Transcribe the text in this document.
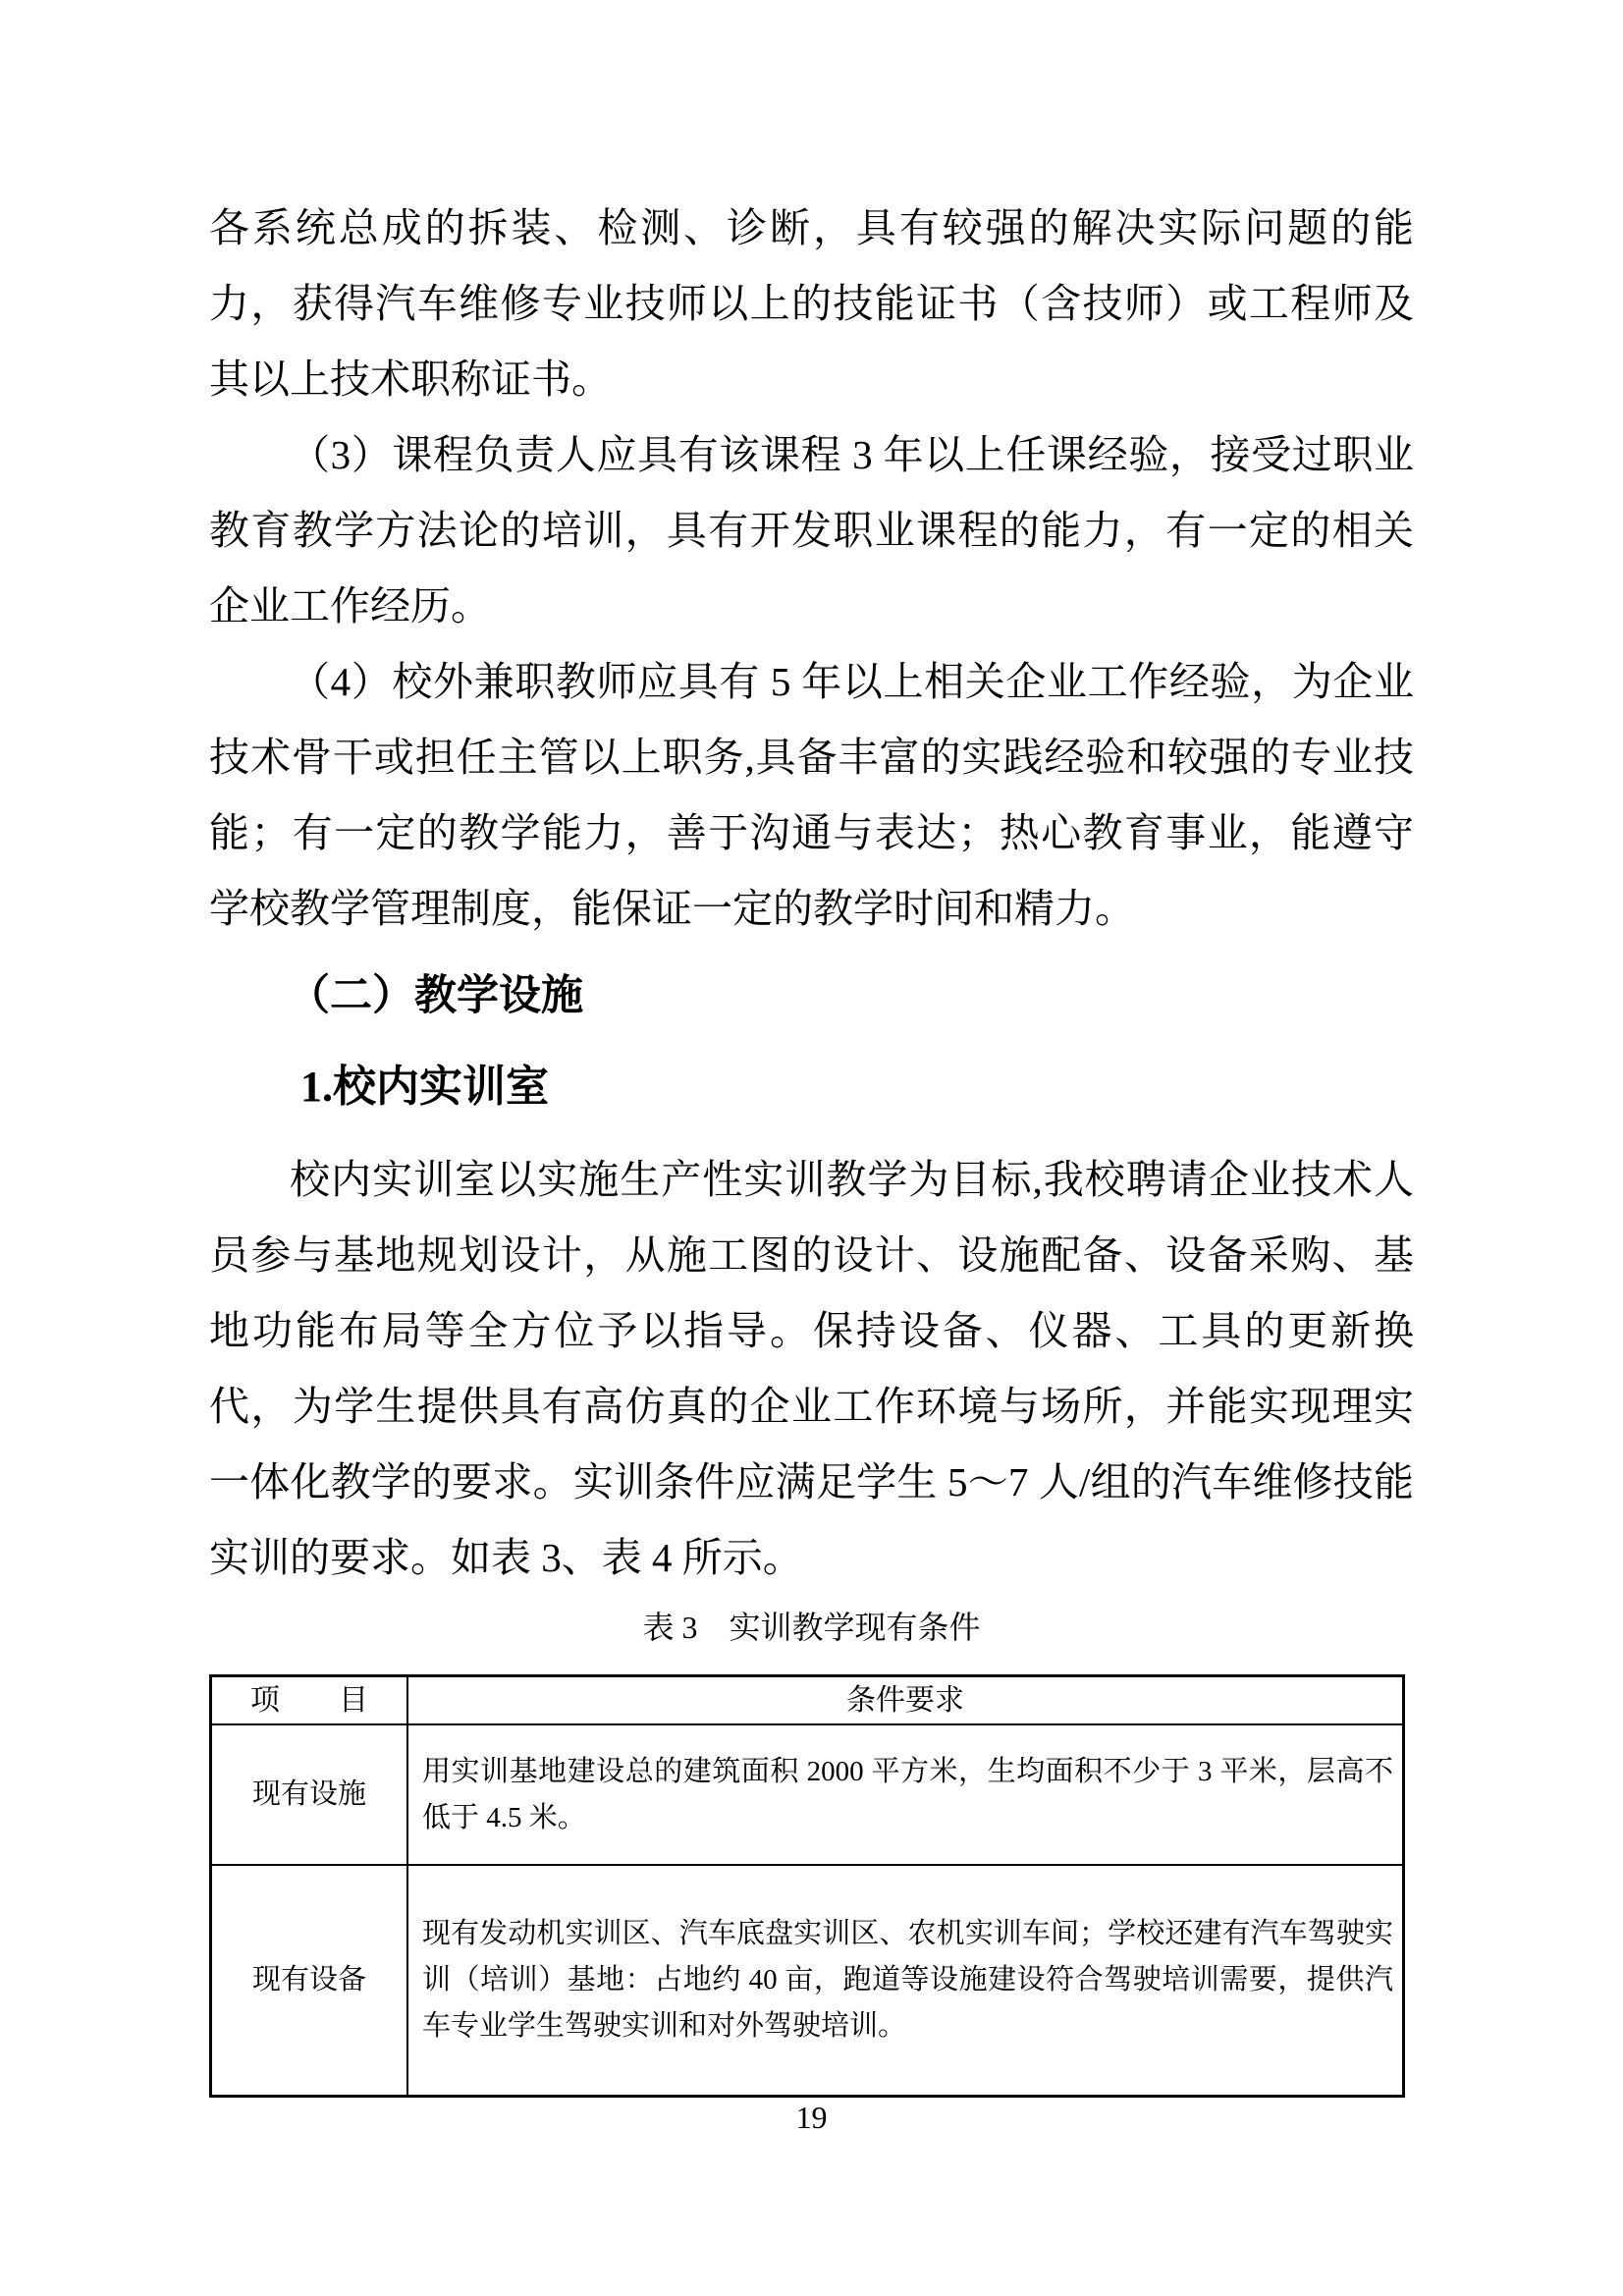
各系统总成的拆装、检测、诊断，具有较强的解决实际问题的能力，获得汽车维修专业技师以上的技能证书（含技师）或工程师及其以上技术职称证书。

（3）课程负责人应具有该课程 3 年以上任课经验，接受过职业教育教学方法论的培训，具有开发职业课程的能力，有一定的相关企业工作经历。

（4）校外兼职教师应具有 5 年以上相关企业工作经验，为企业技术骨干或担任主管以上职务,具备丰富的实践经验和较强的专业技能；有一定的教学能力，善于沟通与表达；热心教育事业，能遵守学校教学管理制度，能保证一定的教学时间和精力。

（二）教学设施
1.校内实训室

校内实训室以实施生产性实训教学为目标,我校聘请企业技术人员参与基地规划设计，从施工图的设计、设施配备、设备采购、基地功能布局等全方位予以指导。保持设备、仪器、工具的更新换代，为学生提供具有高仿真的企业工作环境与场所，并能实现理实一体化教学的要求。实训条件应满足学生 5～7 人/组的汽车维修技能实训的要求。如表 3、表 4 所示。

表 3　实训教学现有条件
项　　目	条件要求
现有设施	用实训基地建设总的建筑面积 2000 平方米，生均面积不少于 3 平米，层高不低于 4.5 米。
现有设备	现有发动机实训区、汽车底盘实训区、农机实训车间；学校还建有汽车驾驶实训（培训）基地：占地约 40 亩，跑道等设施建设符合驾驶培训需要，提供汽车专业学生驾驶实训和对外驾驶培训。
19
